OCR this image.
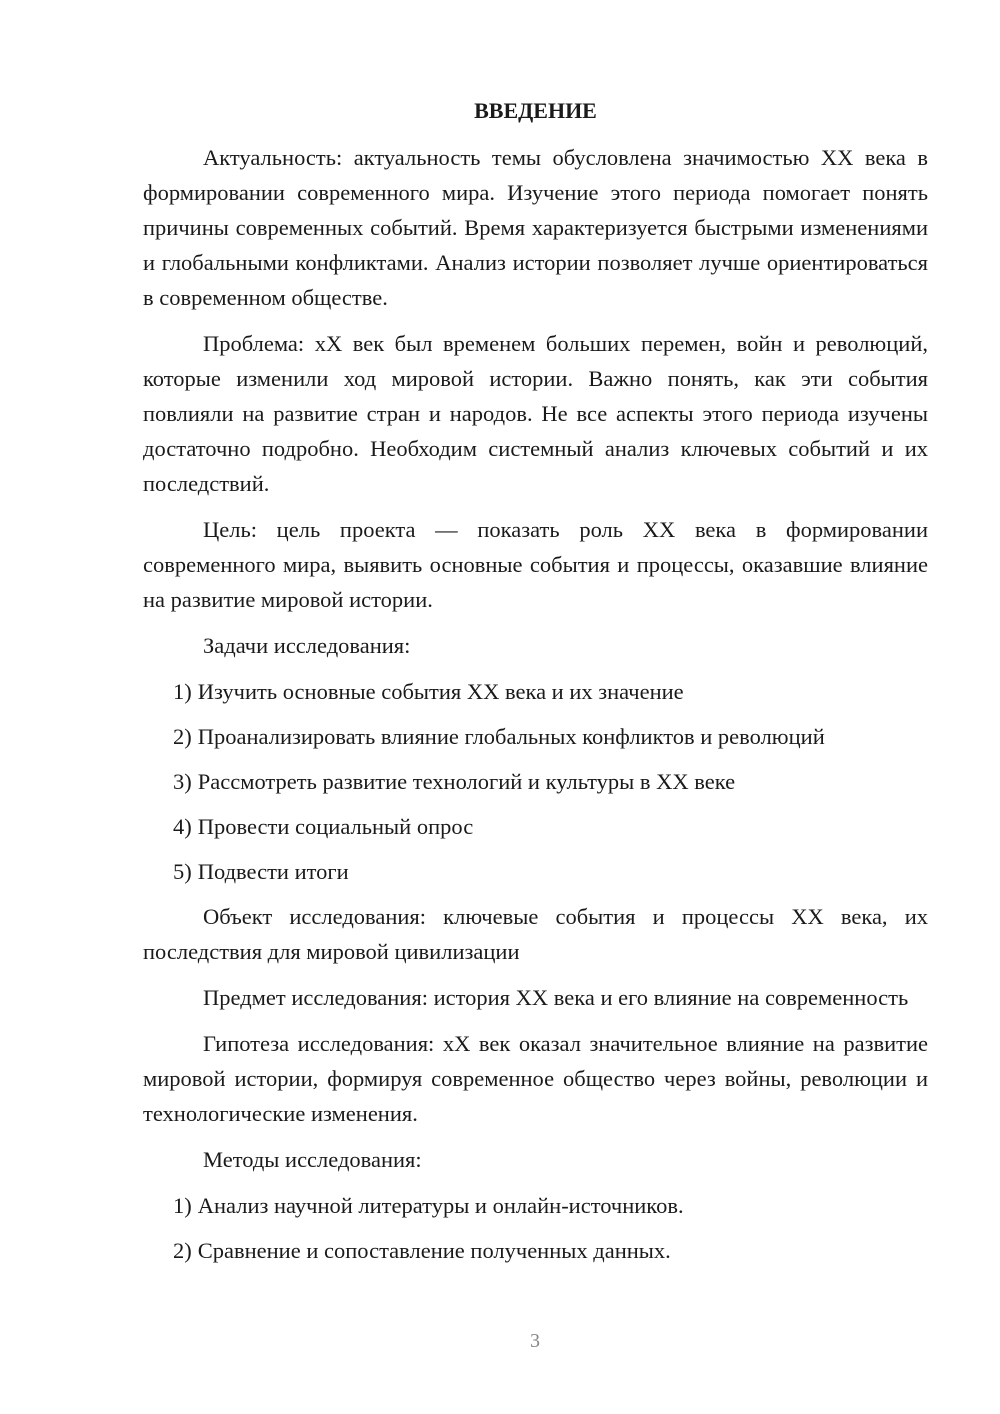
ВВЕДЕНИЕ

Актуальность: актуальность темы обусловлена значимостью XX века в формировании современного мира. Изучение этого периода помогает понять причины современных событий. Время характеризуется быстрыми изменениями и глобальными конфликтами. Анализ истории позволяет лучше ориентироваться в современном обществе.

Проблема: xX век был временем больших перемен, войн и революций, которые изменили ход мировой истории. Важно понять, как эти события повлияли на развитие стран и народов. Не все аспекты этого периода изучены достаточно подробно. Необходим системный анализ ключевых событий и их последствий.

Цель: цель проекта — показать роль XX века в формировании современного мира, выявить основные события и процессы, оказавшие влияние на развитие мировой истории.

Задачи исследования:

1) Изучить основные события XX века и их значение

2) Проанализировать влияние глобальных конфликтов и революций

3) Рассмотреть развитие технологий и культуры в XX веке

4) Провести социальный опрос

5) Подвести итоги

Объект исследования: ключевые события и процессы XX века, их последствия для мировой цивилизации

Предмет исследования: история XX века и его влияние на современность

Гипотеза исследования: xX век оказал значительное влияние на развитие мировой истории, формируя современное общество через войны, революции и технологические изменения.

Методы исследования:

1) Анализ научной литературы и онлайн-источников.

2) Сравнение и сопоставление полученных данных.

3
